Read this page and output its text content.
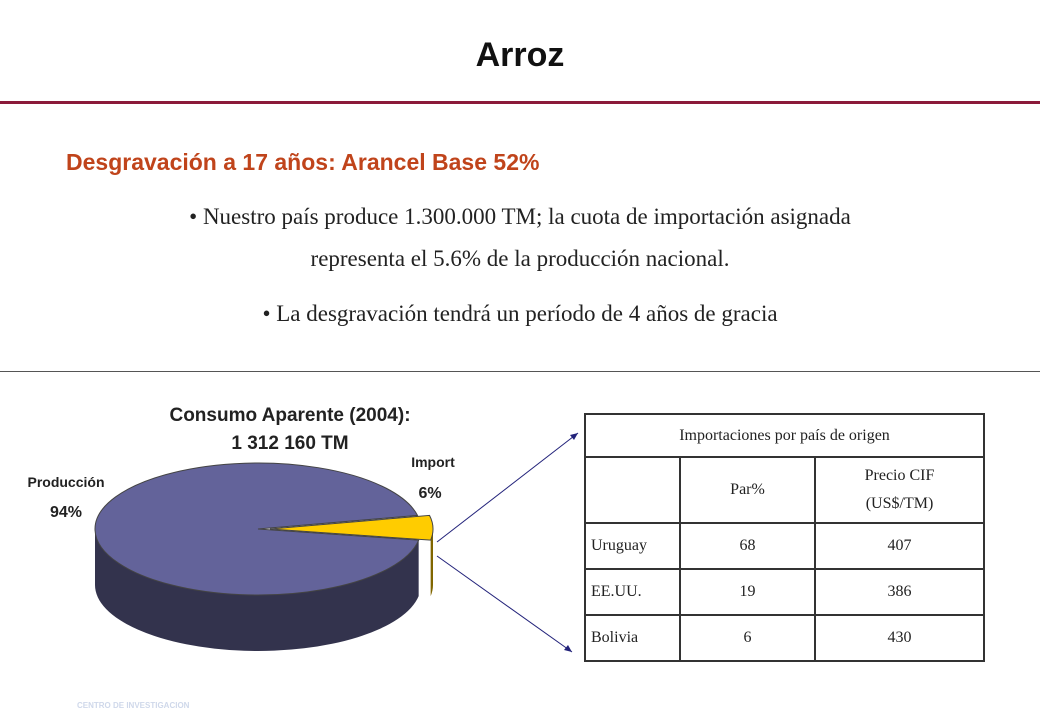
Arroz
Desgravación a 17 años: Arancel Base 52%
• Nuestro país produce 1.300.000 TM; la cuota de importación asignada
representa el 5.6% de la producción nacional.
• La desgravación tendrá un período de 4 años de gracia
Consumo Aparente (2004):
1 312 160 TM
Producción
94%
Import
6%
Importaciones por país de origen		
	Par%	Precio CIF
(US$/TM)

Uruguay	68	407
EE.UU.	19	386
Bolivia	6	430
CENTRO DE INVESTIGACION
